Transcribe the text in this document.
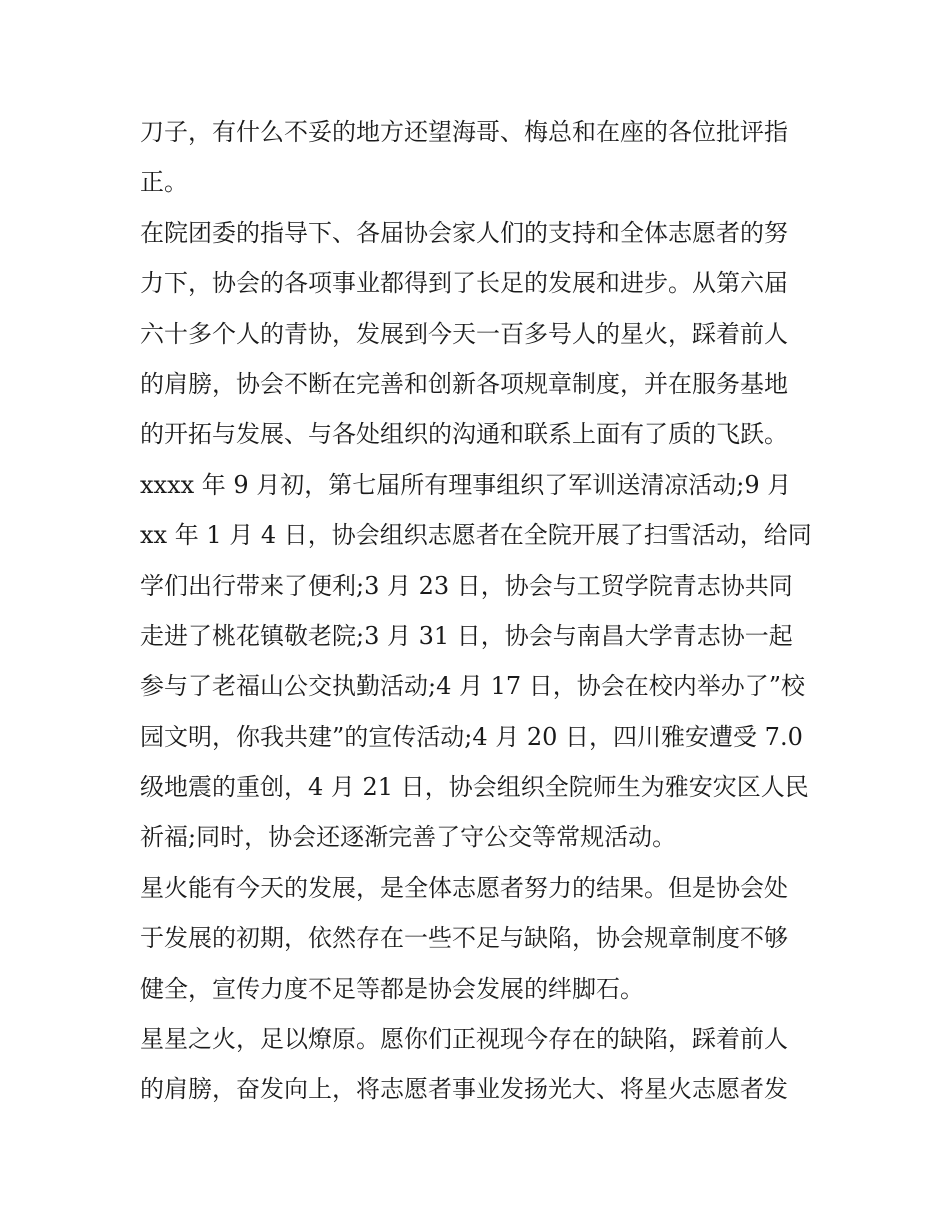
刀子，有什么不妥的地方还望海哥、梅总和在座的各位批评指
正。
在院团委的指导下、各届协会家人们的支持和全体志愿者的努
力下，协会的各项事业都得到了长足的发展和进步。从第六届
六十多个人的青协，发展到今天一百多号人的星火，踩着前人
的肩膀，协会不断在完善和创新各项规章制度，并在服务基地
的开拓与发展、与各处组织的沟通和联系上面有了质的飞跃。
xxxx 年 9 月初，第七届所有理事组织了军训送清凉活动;9 月
xx 年 1 月 4 日，协会组织志愿者在全院开展了扫雪活动，给同
学们出行带来了便利;3 月 23 日，协会与工贸学院青志协共同
走进了桃花镇敬老院;3 月 31 日，协会与南昌大学青志协一起
参与了老福山公交执勤活动;4 月 17 日，协会在校内举办了”校
园文明，你我共建”的宣传活动;4 月 20 日，四川雅安遭受 7.0
级地震的重创，4 月 21 日，协会组织全院师生为雅安灾区人民
祈福;同时，协会还逐渐完善了守公交等常规活动。
星火能有今天的发展，是全体志愿者努力的结果。但是协会处
于发展的初期，依然存在一些不足与缺陷，协会规章制度不够
健全，宣传力度不足等都是协会发展的绊脚石。
星星之火，足以燎原。愿你们正视现今存在的缺陷，踩着前人
的肩膀，奋发向上，将志愿者事业发扬光大、将星火志愿者发
